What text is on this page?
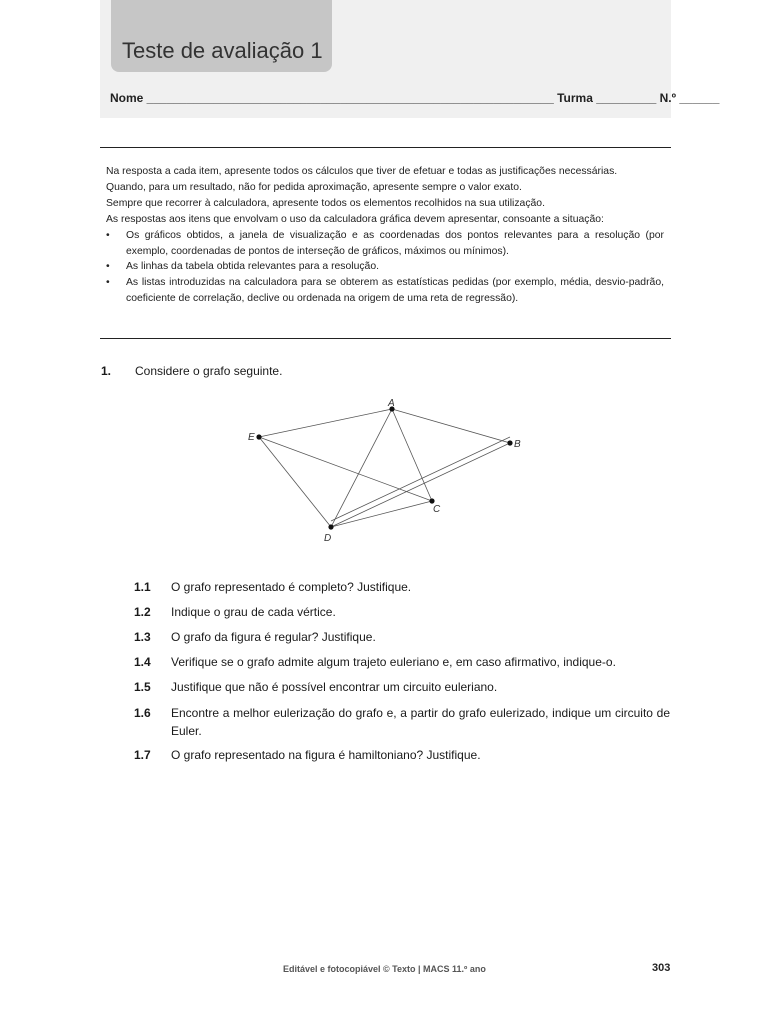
Teste de avaliação 1
Nome _____________________________________________________________ Turma _________ N.º ______

Na resposta a cada item, apresente todos os cálculos que tiver de efetuar e todas as justificações necessárias.

Quando, para um resultado, não for pedida aproximação, apresente sempre o valor exato.

Sempre que recorrer à calculadora, apresente todos os elementos recolhidos na sua utilização.

As respostas aos itens que envolvam o uso da calculadora gráfica devem apresentar, consoante a situação:

• Os gráficos obtidos, a janela de visualização e as coordenadas dos pontos relevantes para a resolução (por exemplo, coordenadas de pontos de interseção de gráficos, máximos ou mínimos).
• As linhas da tabela obtida relevantes para a resolução.
• As listas introduzidas na calculadora para se obterem as estatísticas pedidas (por exemplo, média, desvio-padrão, coeficiente de correlação, declive ou ordenada na origem de uma reta de regressão).
1. Considere o grafo seguinte.
A
B
C
D
E
1.1 O grafo representado é completo? Justifique.
1.2 Indique o grau de cada vértice.
1.3 O grafo da figura é regular? Justifique.
1.4 Verifique se o grafo admite algum trajeto euleriano e, em caso afirmativo, indique-o.
1.5 Justifique que não é possível encontrar um circuito euleriano.
1.6 Encontre a melhor eulerização do grafo e, a partir do grafo eulerizado, indique um circuito de Euler.
1.7 O grafo representado na figura é hamiltoniano? Justifique.
Editável e fotocopiável © Texto | MACS 11.º ano	303
